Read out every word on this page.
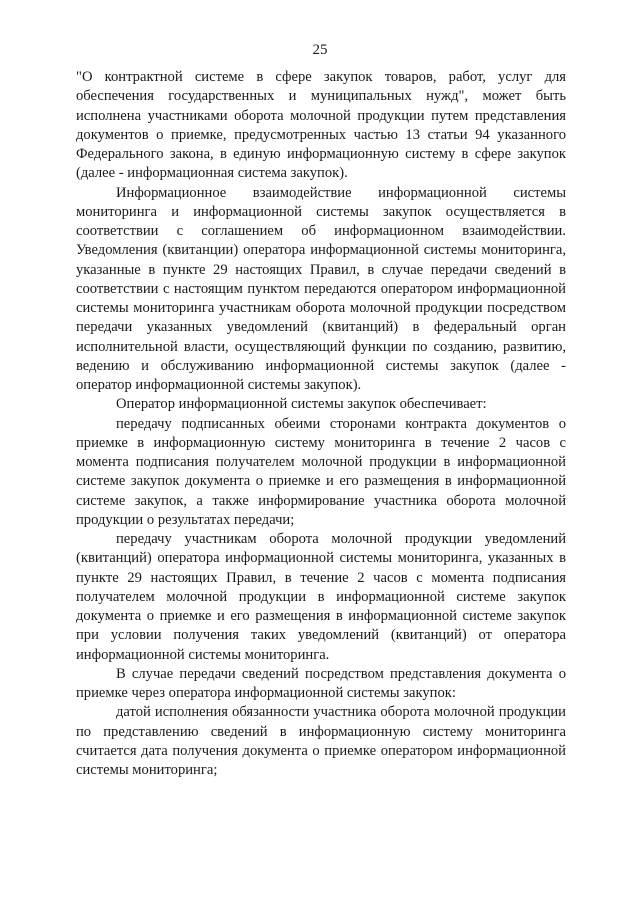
25

"О контрактной системе в сфере закупок товаров, работ, услуг для обеспечения государственных и муниципальных нужд", может быть исполнена участниками оборота молочной продукции путем представления документов о приемке, предусмотренных частью 13 статьи 94 указанного Федерального закона, в единую информационную систему в сфере закупок (далее - информационная система закупок).

Информационное взаимодействие информационной системы мониторинга и информационной системы закупок осуществляется в соответствии с соглашением об информационном взаимодействии. Уведомления (квитанции) оператора информационной системы мониторинга, указанные в пункте 29 настоящих Правил, в случае передачи сведений в соответствии с настоящим пунктом передаются оператором информационной системы мониторинга участникам оборота молочной продукции посредством передачи указанных уведомлений (квитанций) в федеральный орган исполнительной власти, осуществляющий функции по созданию, развитию, ведению и обслуживанию информационной системы закупок (далее - оператор информационной системы закупок).

Оператор информационной системы закупок обеспечивает:

передачу подписанных обеими сторонами контракта документов о приемке в информационную систему мониторинга в течение 2 часов с момента подписания получателем молочной продукции в информационной системе закупок документа о приемке и его размещения в информационной системе закупок, а также информирование участника оборота молочной продукции о результатах передачи;

передачу участникам оборота молочной продукции уведомлений (квитанций) оператора информационной системы мониторинга, указанных в пункте 29 настоящих Правил, в течение 2 часов с момента подписания получателем молочной продукции в информационной системе закупок документа о приемке и его размещения в информационной системе закупок при условии получения таких уведомлений (квитанций) от оператора информационной системы мониторинга.

В случае передачи сведений посредством представления документа о приемке через оператора информационной системы закупок:

датой исполнения обязанности участника оборота молочной продукции по представлению сведений в информационную систему мониторинга считается дата получения документа о приемке оператором информационной системы мониторинга;
